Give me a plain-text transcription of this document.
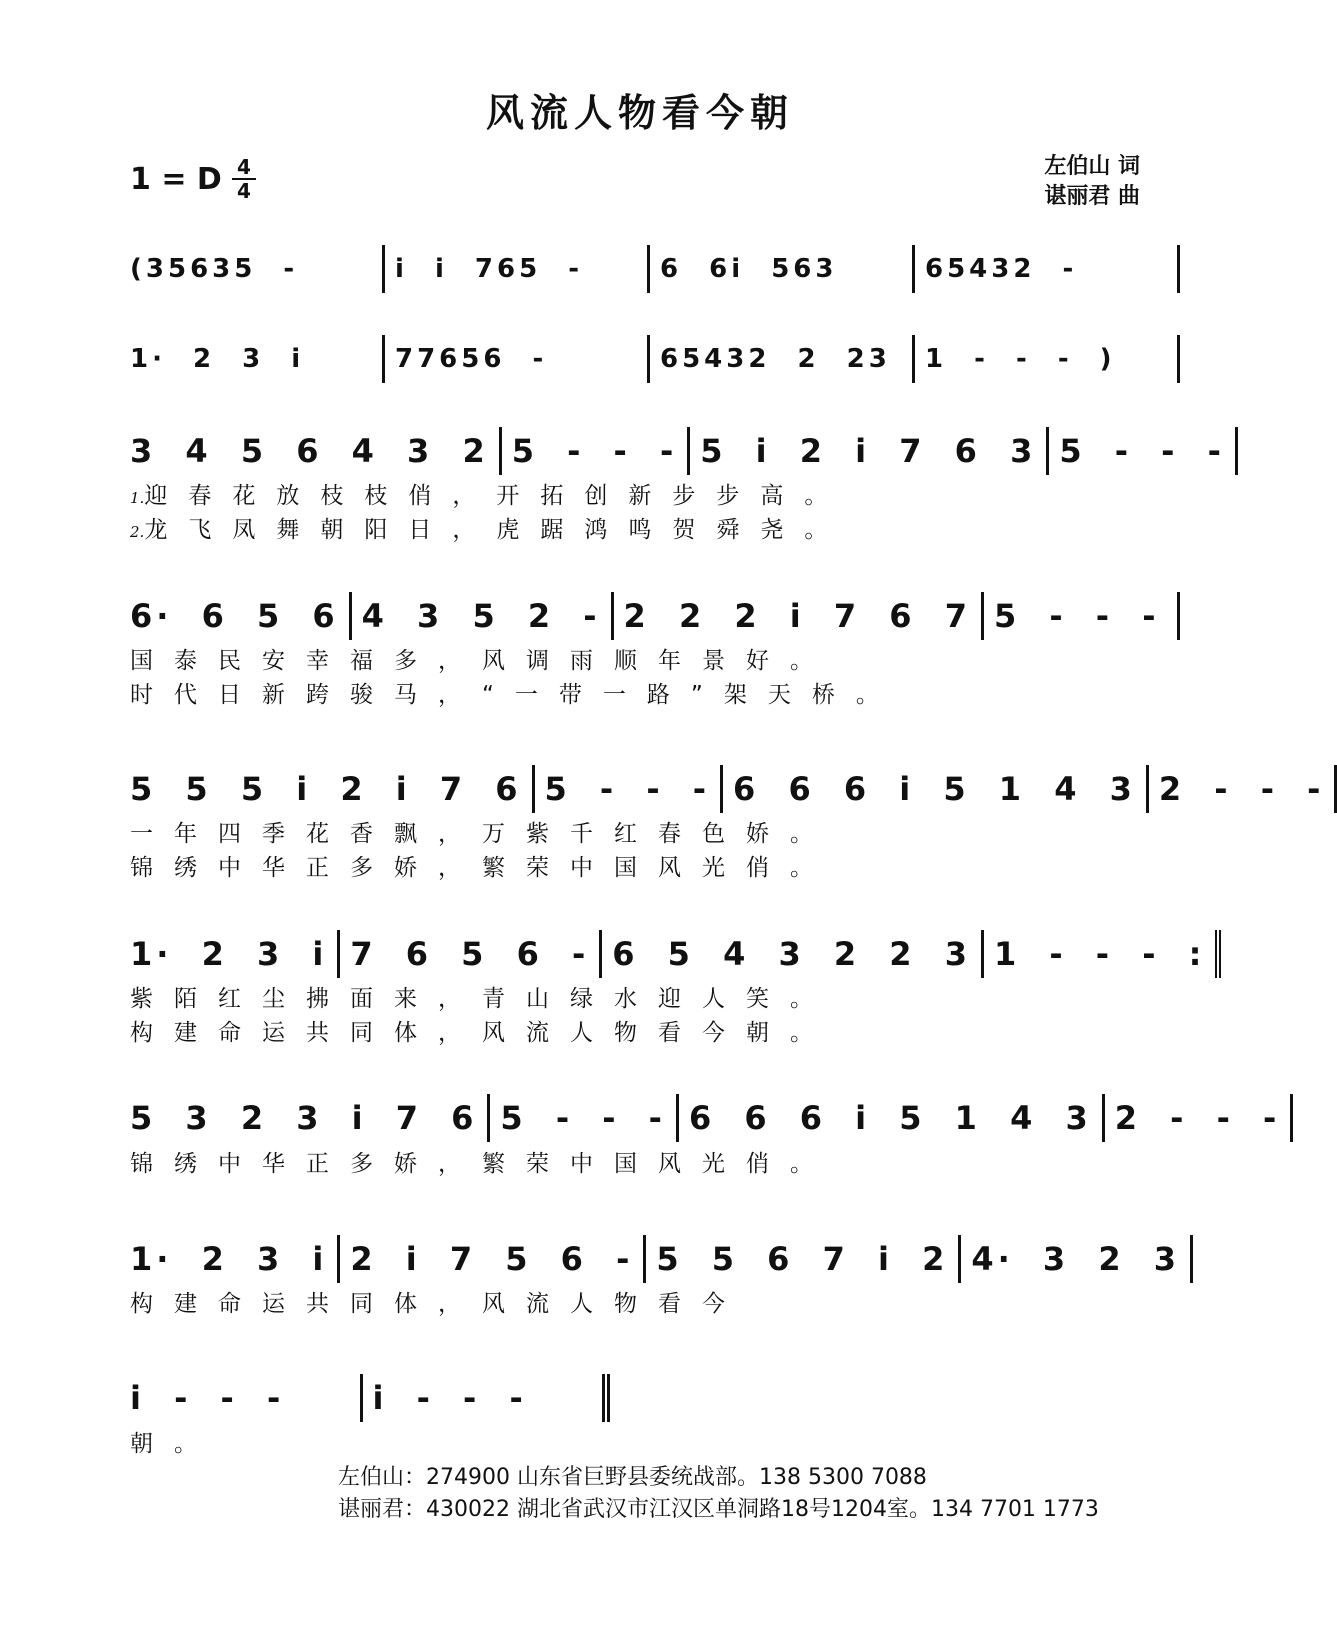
风流人物看今朝
1 = D 4
4
左伯山 词
谌丽君 曲
(35635 -	i i 765 -	6 6i 563	65432 -
1· 2 3 i	77656 -	65432 2 23	1 - - - )
3 4 5 6 4 3 2 5 - - - 5 i 2 i 7 6 3 5 - - -
1.迎春花放枝枝俏，开拓创新步步高。
2.龙飞凤舞朝阳日，虎踞鸿鸣贺舜尧。
6· 6 5 6 4 3 5 2 - 2 2 2 i 7 6 7 5 - - -
国泰民安幸福多，风调雨顺年景好。
时代日新跨骏马，“一带一路”架天桥。
5 5 5 i 2 i 7 6 5 - - - 6 6 6 i 5 1 4 3 2 - - -
一年四季花香飘，万紫千红春色娇。
锦绣中华正多娇，繁荣中国风光俏。
1· 2 3 i 7 6 5 6 - 6 5 4 3 2 2 3 1 - - - :
紫陌红尘拂面来，青山绿水迎人笑。
构建命运共同体，风流人物看今朝。
5 3 2 3 i 7 6 5 - - - 6 6 6 i 5 1 4 3 2 - - -
锦绣中华正多娇，繁荣中国风光俏。
1· 2 3 i 2 i 7 5 6 - 5 5 6 7 i 2 4· 3 2 3
构建命运共同体，风流人物看今
i - - -	i - - -
朝。
左伯山：274900 山东省巨野县委统战部。138 5300 7088
谌丽君：430022 湖北省武汉市江汉区单洞路18号1204室。134 7701 1773
